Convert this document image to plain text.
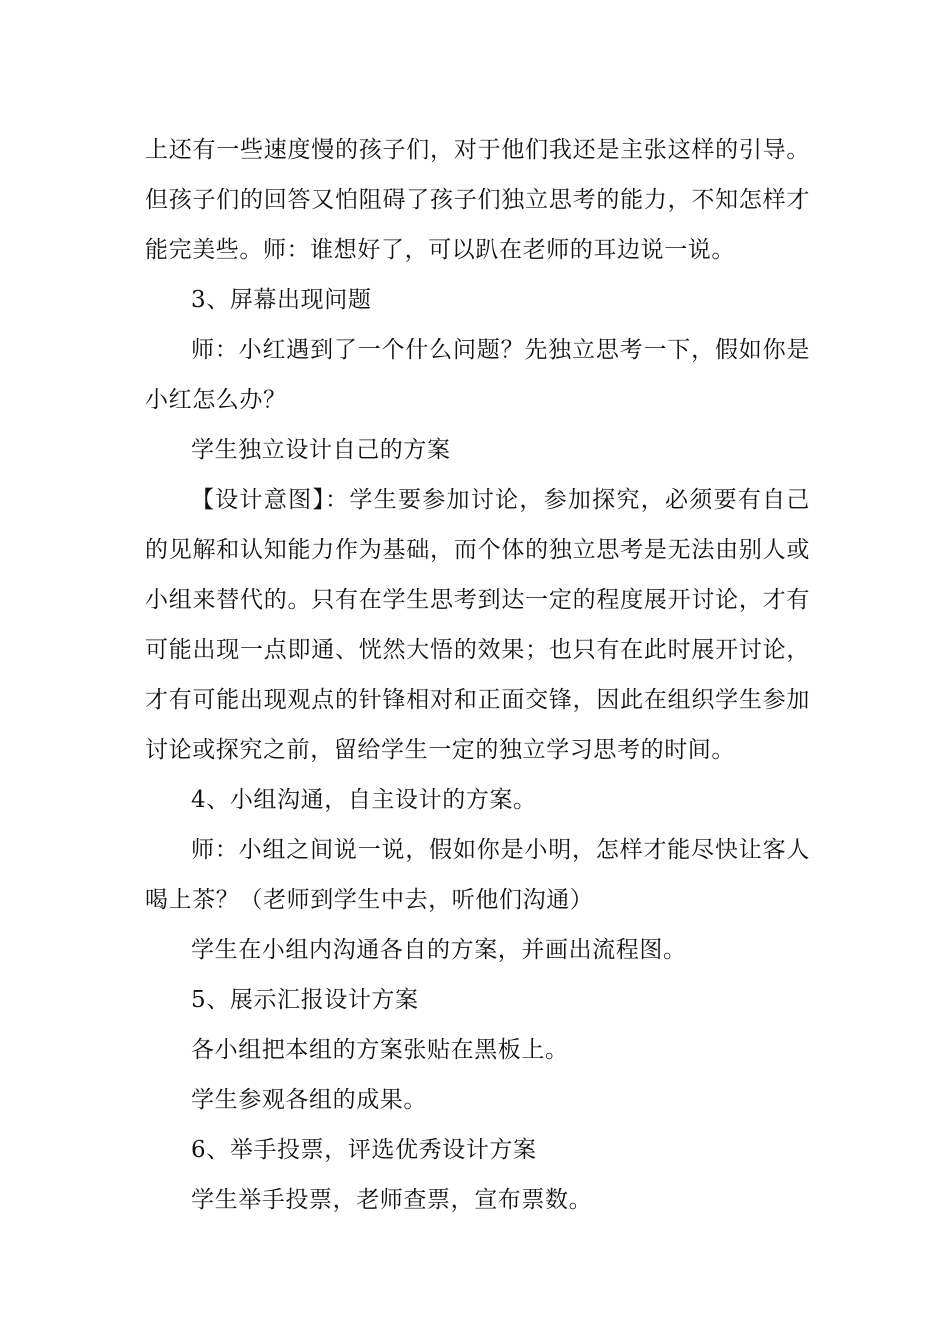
上还有一些速度慢的孩子们，对于他们我还是主张这样的引导。但孩子们的回答又怕阻碍了孩子们独立思考的能力，不知怎样才能完美些。师：谁想好了，可以趴在老师的耳边说一说。

3、屏幕出现问题

师：小红遇到了一个什么问题？先独立思考一下，假如你是小红怎么办？

学生独立设计自己的方案

【设计意图】：学生要参加讨论，参加探究，必须要有自己的见解和认知能力作为基础，而个体的独立思考是无法由别人或小组来替代的。只有在学生思考到达一定的程度展开讨论，才有可能出现一点即通、恍然大悟的效果；也只有在此时展开讨论，才有可能出现观点的针锋相对和正面交锋，因此在组织学生参加讨论或探究之前，留给学生一定的独立学习思考的时间。

4、小组沟通，自主设计的方案。

师：小组之间说一说，假如你是小明，怎样才能尽快让客人喝上茶？（老师到学生中去，听他们沟通）

学生在小组内沟通各自的方案，并画出流程图。

5、展示汇报设计方案

各小组把本组的方案张贴在黑板上。

学生参观各组的成果。

6、举手投票，评选优秀设计方案

学生举手投票，老师查票，宣布票数。
